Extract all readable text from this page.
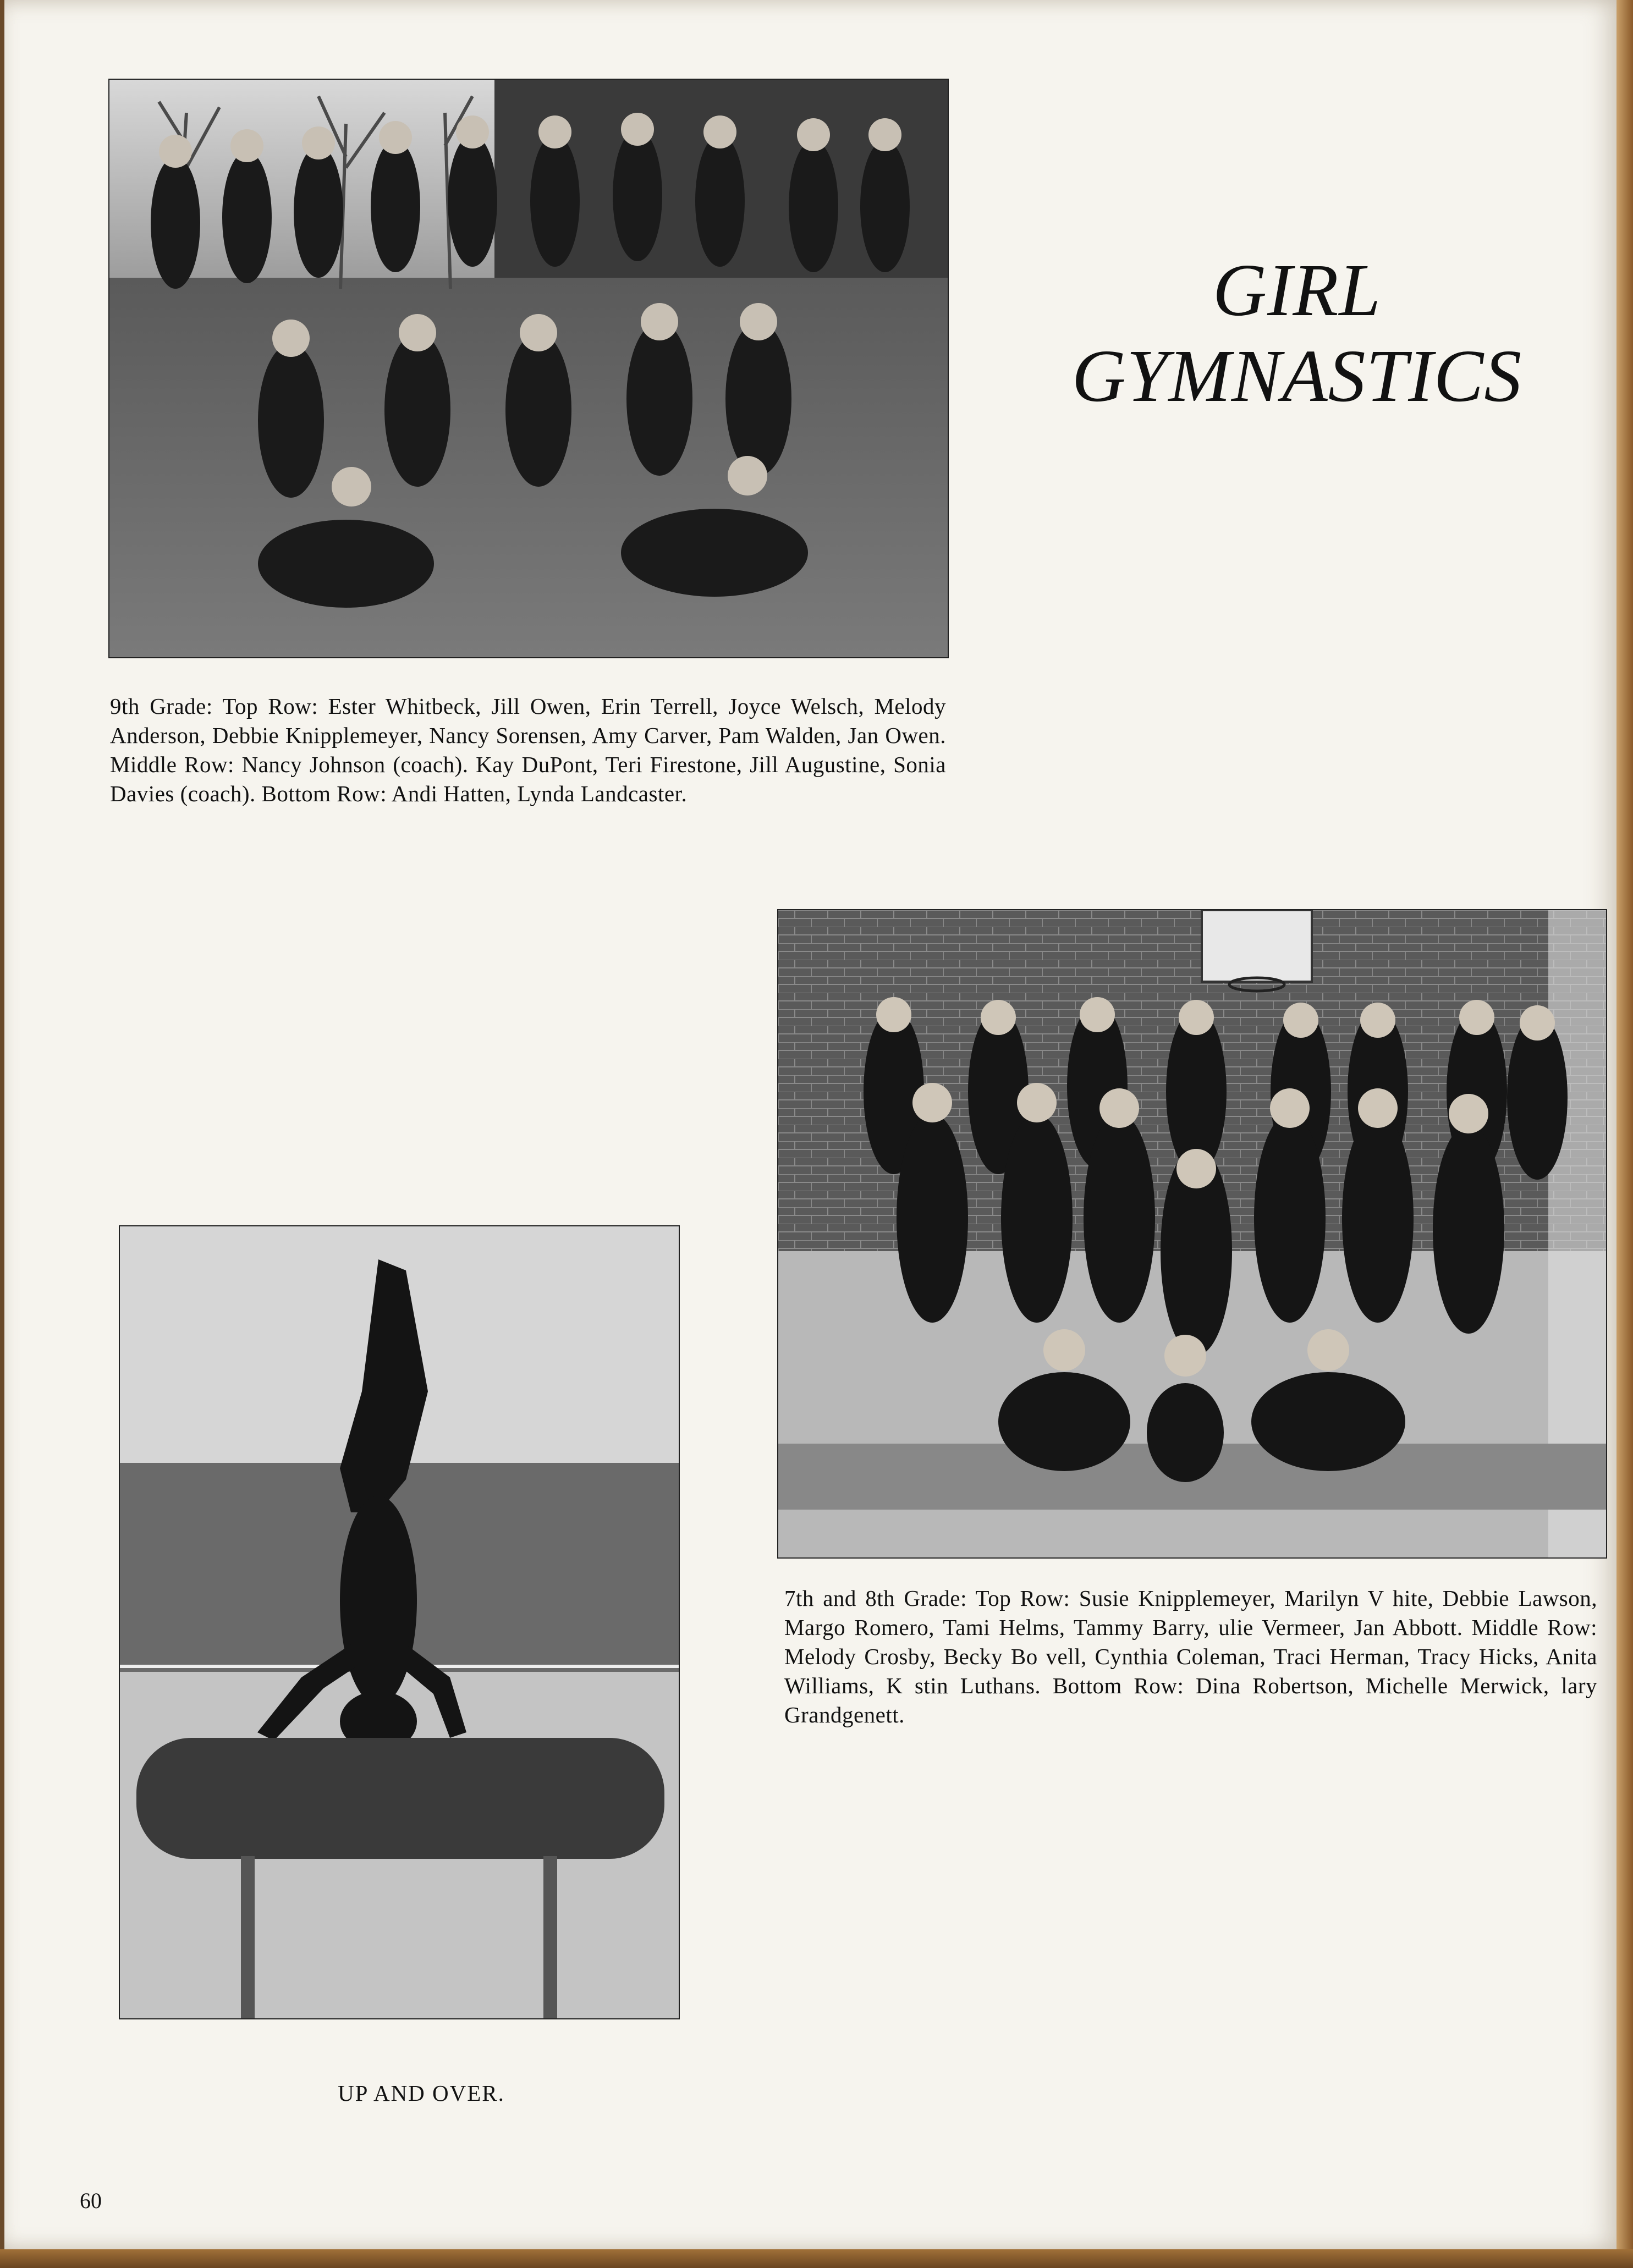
GIRL
GYMNASTICS
9th Grade: Top Row: Ester Whitbeck, Jill Owen, Erin Terrell, Joyce Welsch, Melody Anderson, Debbie Knipplemeyer, Nancy Sorensen, Amy Carver, Pam Walden, Jan Owen. Middle Row: Nancy Johnson (coach). Kay DuPont, Teri Firestone, Jill Augustine, Sonia Davies (coach). Bottom Row: Andi Hatten, Lynda Landcaster.
7th and 8th Grade: Top Row: Susie Knipplemeyer, Marilyn V hite, Debbie Lawson, Margo Romero, Tami Helms, Tammy Barry, ulie Vermeer, Jan Abbott. Middle Row: Melody Crosby, Becky Bo vell, Cynthia Coleman, Traci Herman, Tracy Hicks, Anita Williams, K stin Luthans. Bottom Row: Dina Robertson, Michelle Merwick, lary Grandgenett.
UP AND OVER.
60
